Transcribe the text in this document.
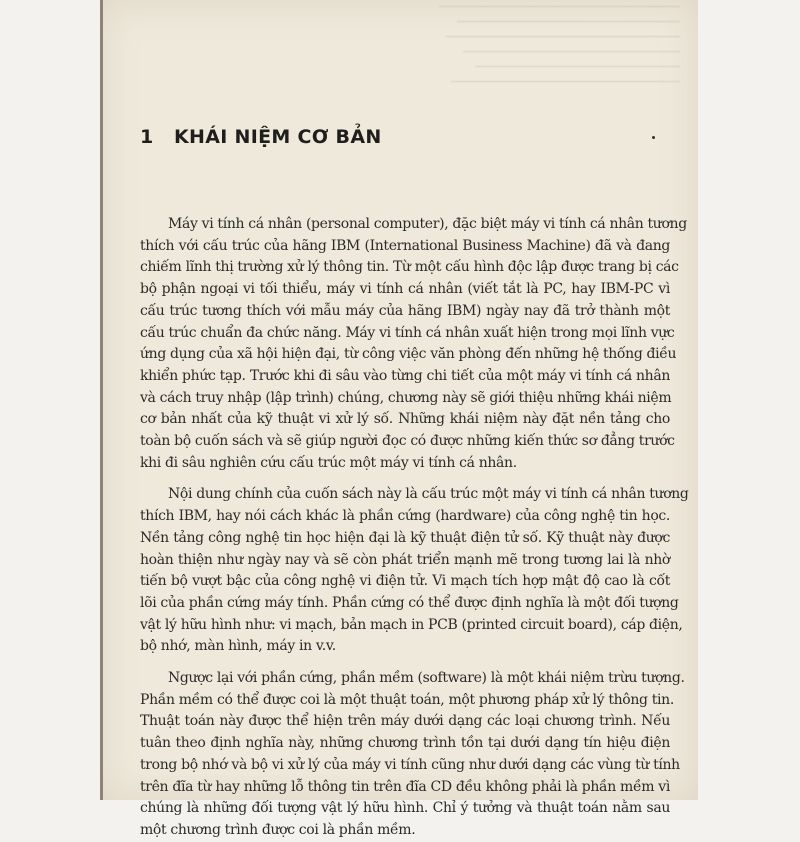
────────────────────────────────────────
─────────────────────────────────────
───────────────────────────────────────
────────────────────────────────────
──────────────────────────────────
──────────────────────────────────────
1 KHÁI NIỆM CƠ BẢN
Máy vi tính cá nhân (personal computer), đặc biệt máy vi tính cá nhân tương
thích với cấu trúc của hãng IBM (International Business Machine) đã và đang
chiếm lĩnh thị trường xử lý thông tin. Từ một cấu hình độc lập được trang bị các
bộ phận ngoại vi tối thiểu, máy vi tính cá nhân (viết tắt là PC, hay IBM-PC vì
cấu trúc tương thích với mẫu máy của hãng IBM) ngày nay đã trở thành một
cấu trúc chuẩn đa chức năng. Máy vi tính cá nhân xuất hiện trong mọi lĩnh vực
ứng dụng của xã hội hiện đại, từ công việc văn phòng đến những hệ thống điều
khiển phức tạp. Trước khi đi sâu vào từng chi tiết của một máy vi tính cá nhân
và cách truy nhập (lập trình) chúng, chương này sẽ giới thiệu những khái niệm
cơ bản nhất của kỹ thuật vi xử lý số. Những khái niệm này đặt nền tảng cho
toàn bộ cuốn sách và sẽ giúp người đọc có được những kiến thức sơ đẳng trước
khi đi sâu nghiên cứu cấu trúc một máy vi tính cá nhân.
Nội dung chính của cuốn sách này là cấu trúc một máy vi tính cá nhân tương
thích IBM, hay nói cách khác là phần cứng (hardware) của công nghệ tin học.
Nền tảng công nghệ tin học hiện đại là kỹ thuật điện tử số. Kỹ thuật này được
hoàn thiện như ngày nay và sẽ còn phát triển mạnh mẽ trong tương lai là nhờ
tiến bộ vượt bậc của công nghệ vi điện tử. Vi mạch tích hợp mật độ cao là cốt
lõi của phần cứng máy tính. Phần cứng có thể được định nghĩa là một đối tượng
vật lý hữu hình như: vi mạch, bản mạch in PCB (printed circuit board), cáp điện,
bộ nhớ, màn hình, máy in v.v.
Ngược lại với phần cứng, phần mềm (software) là một khái niệm trừu tượng.
Phần mềm có thể được coi là một thuật toán, một phương pháp xử lý thông tin.
Thuật toán này được thể hiện trên máy dưới dạng các loại chương trình. Nếu
tuân theo định nghĩa này, những chương trình tồn tại dưới dạng tín hiệu điện
trong bộ nhớ và bộ vi xử lý của máy vi tính cũng như dưới dạng các vùng từ tính
trên đĩa từ hay những lỗ thông tin trên đĩa CD đều không phải là phần mềm vì
chúng là những đối tượng vật lý hữu hình. Chỉ ý tưởng và thuật toán nằm sau
một chương trình được coi là phần mềm.
